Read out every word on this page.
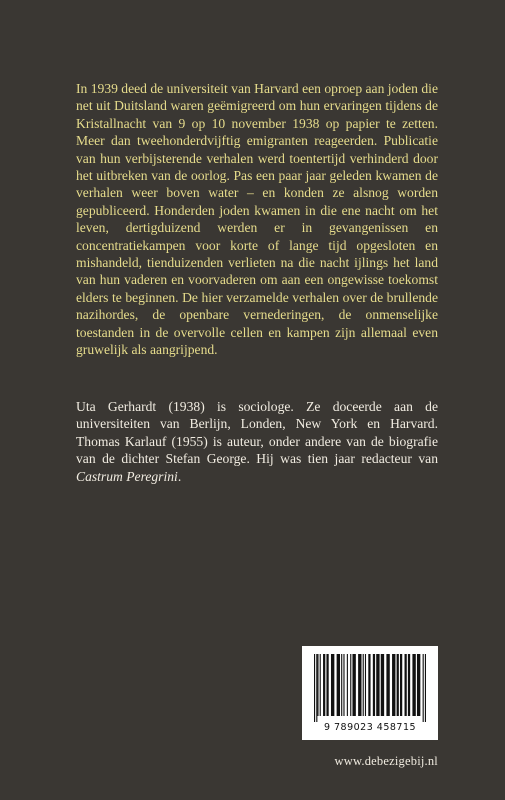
In 1939 deed de universiteit van Harvard een oproep aan joden die net uit Duitsland waren geëmigreerd om hun ervaringen tijdens de Kristallnacht van 9 op 10 november 1938 op papier te zetten. Meer dan tweehonderdvijftig emigranten reageerden. Publicatie van hun verbijsterende verhalen werd toentertijd verhinderd door het uitbreken van de oorlog. Pas een paar jaar geleden kwamen de verhalen weer boven water – en konden ze alsnog worden gepubliceerd. Honderden joden kwamen in die ene nacht om het leven, dertigduizend werden er in gevangenissen en concentratiekampen voor korte of lange tijd opgesloten en mishandeld, tienduizenden verlieten na die nacht ijlings het land van hun vaderen en voorvaderen om aan een ongewisse toekomst elders te beginnen. De hier verzamelde verhalen over de brullende nazihordes, de openbare vernederingen, de onmenselijke toestanden in de overvolle cellen en kampen zijn allemaal even gruwelijk als aangrijpend.

Uta Gerhardt (1938) is sociologe. Ze doceerde aan de universiteiten van Berlijn, Londen, New York en Harvard. Thomas Karlauf (1955) is auteur, onder andere van de biografie van de dichter Stefan George. Hij was tien jaar redacteur van Castrum Peregrini.

9 789023 458715
www.debezigebij.nl
